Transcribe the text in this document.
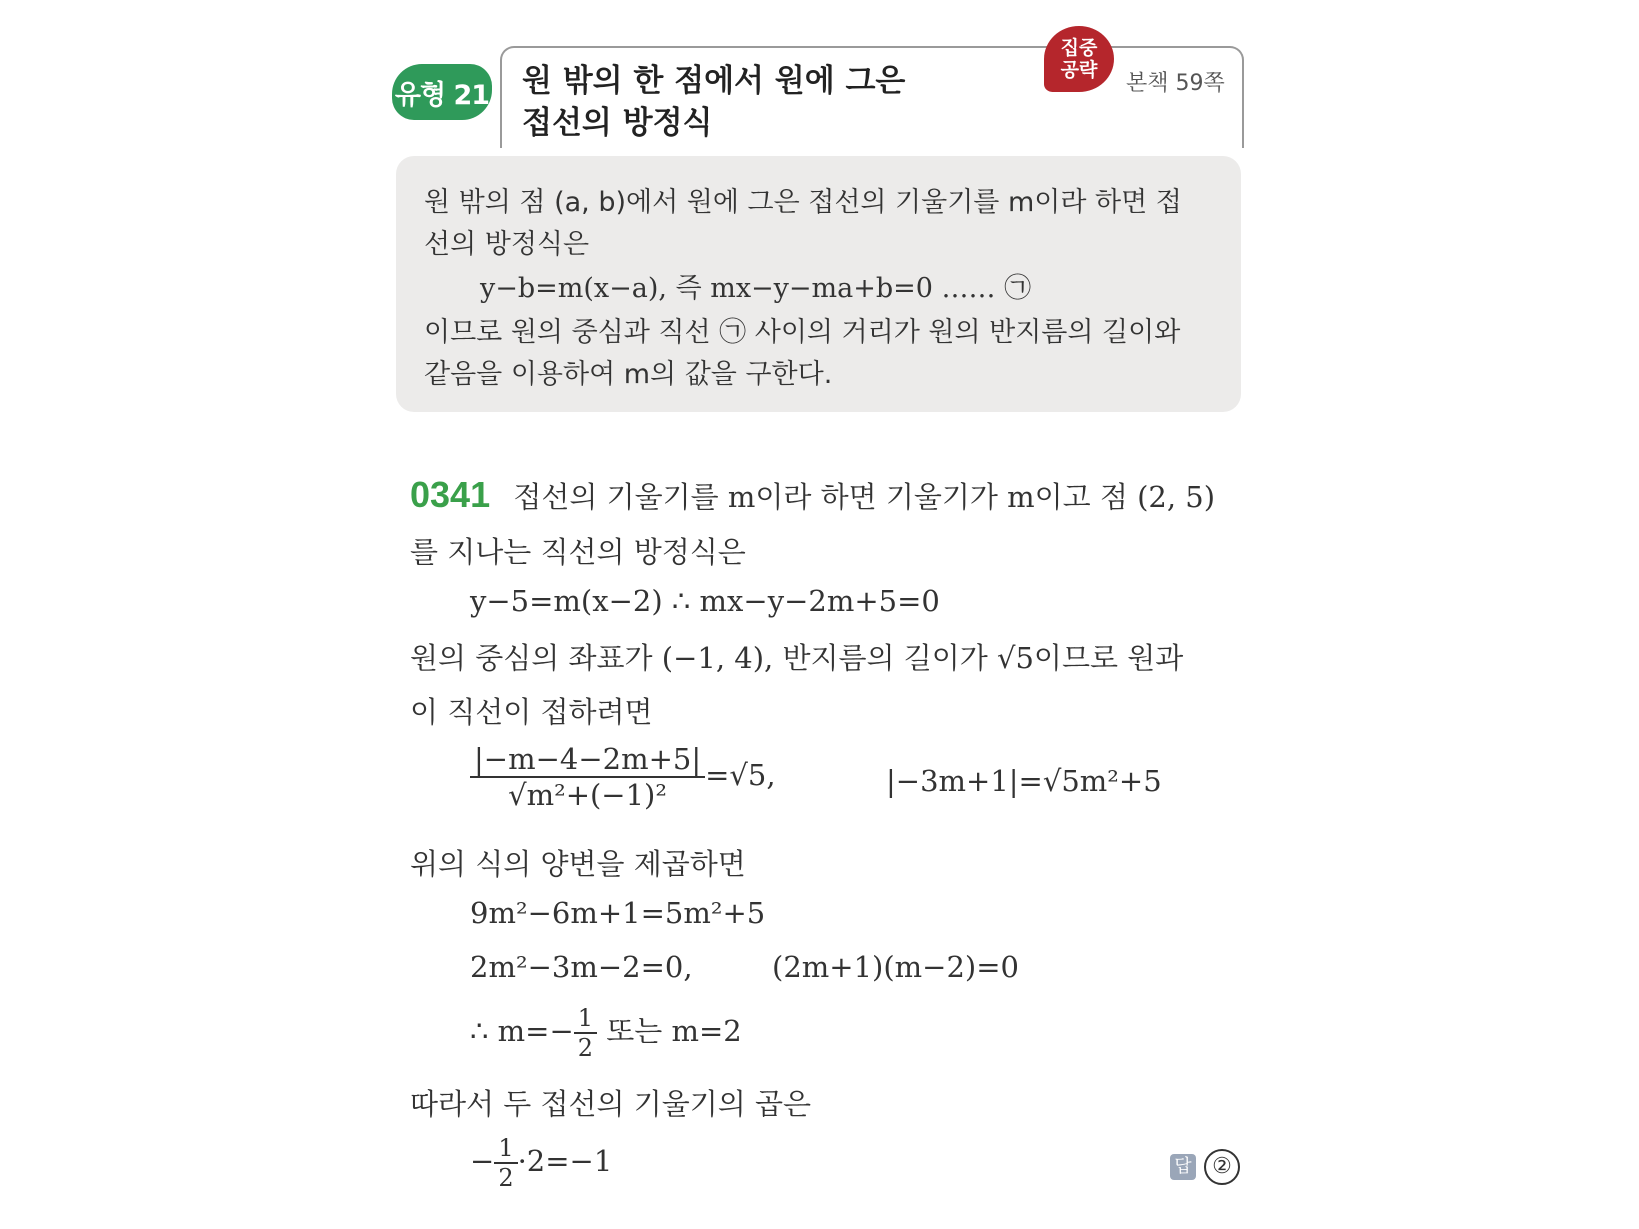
유형 21 원 밖의 한 점에서 원에 그은
접선의 방정식
집중
공략
본책 59쪽
원 밖의 점 (a, b)에서 원에 그은 접선의 기울기를 m이라 하면 접
선의 방정식은
y−b=m(x−a), 즉 mx−y−ma+b=0 …… ㉠
이므로 원의 중심과 직선 ㉠ 사이의 거리가 원의 반지름의 길이와
같음을 이용하여 m의 값을 구한다.
0341 접선의 기울기를 m이라 하면 기울기가 m이고 점 (2, 5)
를 지나는 직선의 방정식은
y−5=m(x−2) ∴ mx−y−2m+5=0
원의 중심의 좌표가 (−1, 4), 반지름의 길이가 √5이므로 원과
이 직선이 접하려면
$\frac{|-m-4-2m+5|}{\text{√m²+(−1)²}} =√5$,	|−3m+1|=√5m²+5
위의 식의 양변을 제곱하면
9m²−6m+1=5m²+5
2m²−3m−2=0,	(2m+1)(m−2)=0
∴ $m=- \frac{1}{2}$ 또는 m=2
따라서 두 접선의 기울기의 곱은
− $\frac{1}{2} \cdot 2=-1$	답 ②
